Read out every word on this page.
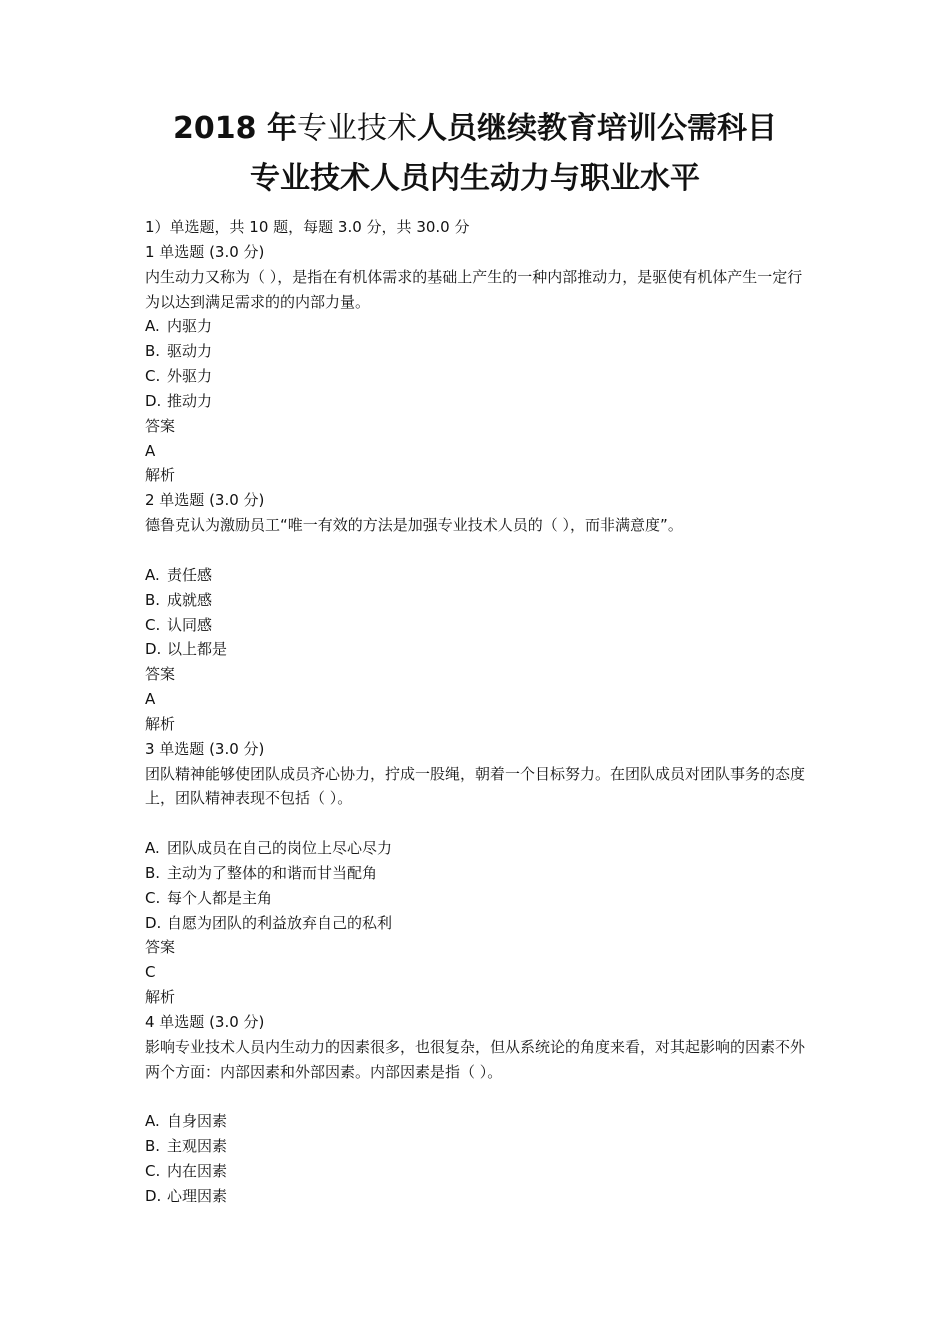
2018 年专业技术人员继续教育培训公需科目
专业技术人员内生动力与职业水平
1）单选题，共 10 题，每题 3.0 分，共 30.0 分
1 单选题 (3.0 分)
内生动力又称为（ ），是指在有机体需求的基础上产生的一种内部推动力，是驱使有机体产生一定行为以达到满足需求的的内部力量。
A. 内驱力
B. 驱动力
C. 外驱力
D. 推动力
答案
A
解析
2 单选题 (3.0 分)
德鲁克认为激励员工“唯一有效的方法是加强专业技术人员的（ ），而非满意度”。
A. 责任感
B. 成就感
C. 认同感
D. 以上都是
答案
A
解析
3 单选题 (3.0 分)
团队精神能够使团队成员齐心协力，拧成一股绳，朝着一个目标努力。在团队成员对团队事务的态度上，团队精神表现不包括（ ）。
A. 团队成员在自己的岗位上尽心尽力
B. 主动为了整体的和谐而甘当配角
C. 每个人都是主角
D. 自愿为团队的利益放弃自己的私利
答案
C
解析
4 单选题 (3.0 分)
影响专业技术人员内生动力的因素很多，也很复杂，但从系统论的角度来看，对其起影响的因素不外两个方面：内部因素和外部因素。内部因素是指（ ）。
A. 自身因素
B. 主观因素
C. 内在因素
D. 心理因素
